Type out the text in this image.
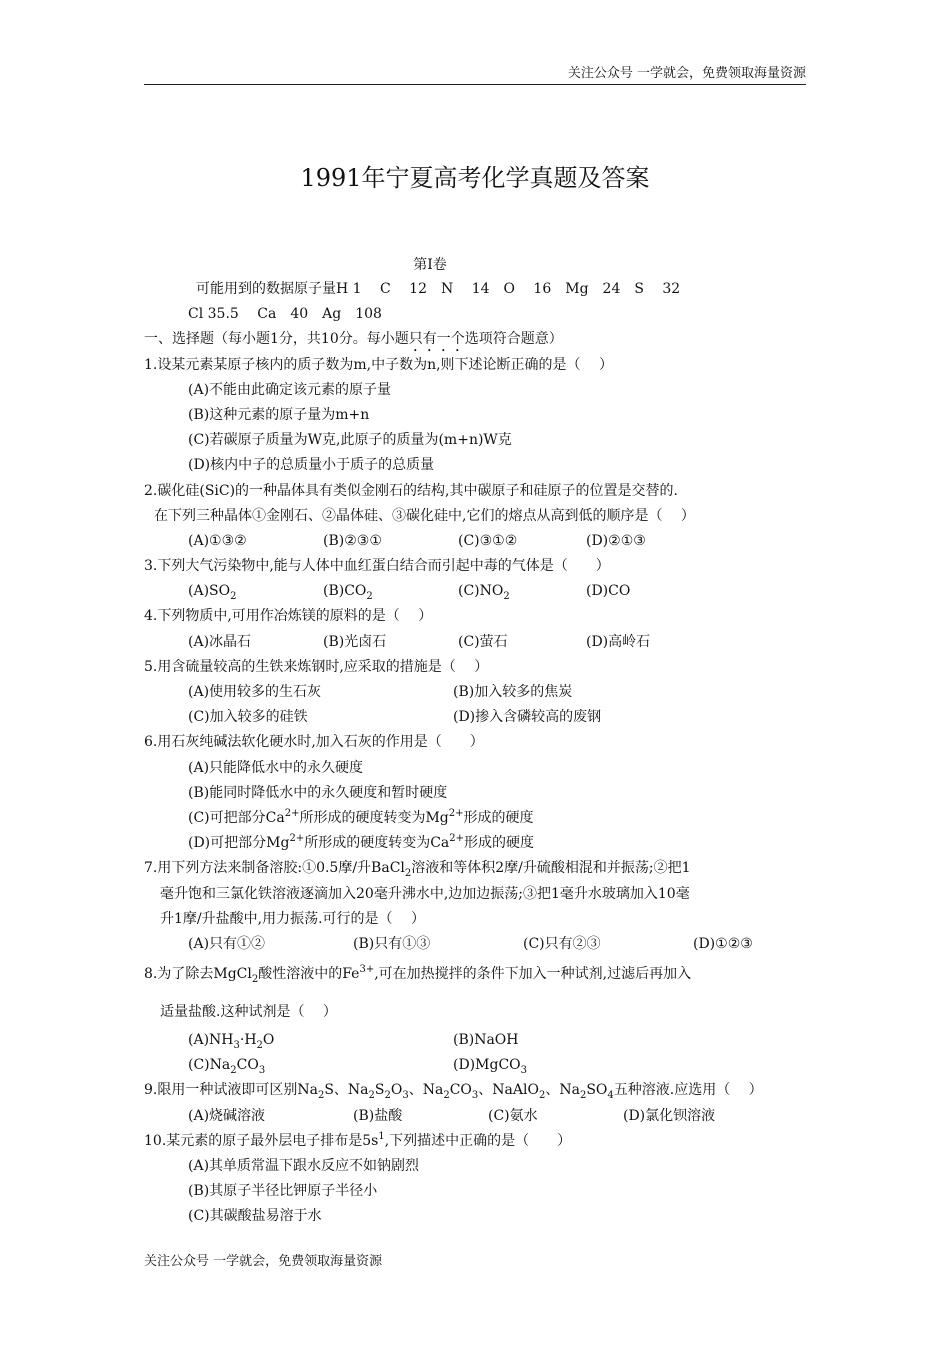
关注公众号 一学就会，免费领取海量资源
1991年宁夏高考化学真题及答案
第Ⅰ卷
可能用到的数据原子量H 1　 C　 12　N　 14　O　 16　Mg　24　S　 32
Cl 35.5　 Ca　40　Ag　108
一、选择题（每小题1分，共10分。每小题只有一个选项符合题意）
1.设某元素某原子核内的质子数为m,中子数为n,则下述论断正确的是（　 ）
(A)不能由此确定该元素的原子量
(B)这种元素的原子量为m+n
(C)若碳原子质量为W克,此原子的质量为(m+n)W克
(D)核内中子的总质量小于质子的总质量
2.碳化硅(SiC)的一种晶体具有类似金刚石的结构,其中碳原子和硅原子的位置是交替的.
在下列三种晶体①金刚石、②晶体硅、③碳化硅中,它们的熔点从高到低的顺序是（　 ）
(A)①③②	(B)②③①	(C)③①②	(D)②①③
3.下列大气污染物中,能与人体中血红蛋白结合而引起中毒的气体是（　　）
$(A)SO_2$	$(B)CO_2$	$(C)NO_2$	(D)CO
4.下列物质中,可用作冶炼镁的原料的是（　 ）
(A)冰晶石	(B)光卤石	(C)萤石	(D)高岭石
5.用含硫量较高的生铁来炼钢时,应采取的措施是（　 ）
(A)使用较多的生石灰	(B)加入较多的焦炭
(C)加入较多的硅铁	(D)掺入含磷较高的废钢
6.用石灰纯碱法软化硬水时,加入石灰的作用是（　　）
(A)只能降低水中的永久硬度
(B)能同时降低水中的永久硬度和暂时硬度
(C)可把部分$Ca^{2+}$所形成的硬度转变为$Mg^{2+}$形成的硬度
(D)可把部分$Mg^{2+}$所形成的硬度转变为$Ca^{2+}$形成的硬度
7.用下列方法来制备溶胶:①0.5摩/升BaCl$_2$溶液和等体积2摩/升硫酸相混和并振荡;②把1
毫升饱和三氯化铁溶液逐滴加入20毫升沸水中,边加边振荡;③把1毫升水玻璃加入10毫
升1摩/升盐酸中,用力振荡.可行的是（　 ）
(A)只有①②	(B)只有①③	(C)只有②③	(D)①②③
8.为了除去MgCl$_2$酸性溶液中的$Fe^{3+}$,可在加热搅拌的条件下加入一种试剂,过滤后再加入
适量盐酸.这种试剂是（　 ）
$(A)NH_3\cdot H_2O$	(B)NaOH
$(C)Na_2CO_3$	(D)MgCO$_3$
9.限用一种试液即可区别$Na_2S$、$Na_2S_2O_3$、$Na_2CO_3$、NaAlO$_2$、$Na_2SO_4$五种溶液.应选用（　 ）
(A)烧碱溶液	(B)盐酸	(C)氨水	(D)氯化钡溶液
10.某元素的原子最外层电子排布是$5s^1$,下列描述中正确的是（　　）
(A)其单质常温下跟水反应不如钠剧烈
(B)其原子半径比钾原子半径小
(C)其碳酸盐易溶于水
关注公众号 一学就会，免费领取海量资源
